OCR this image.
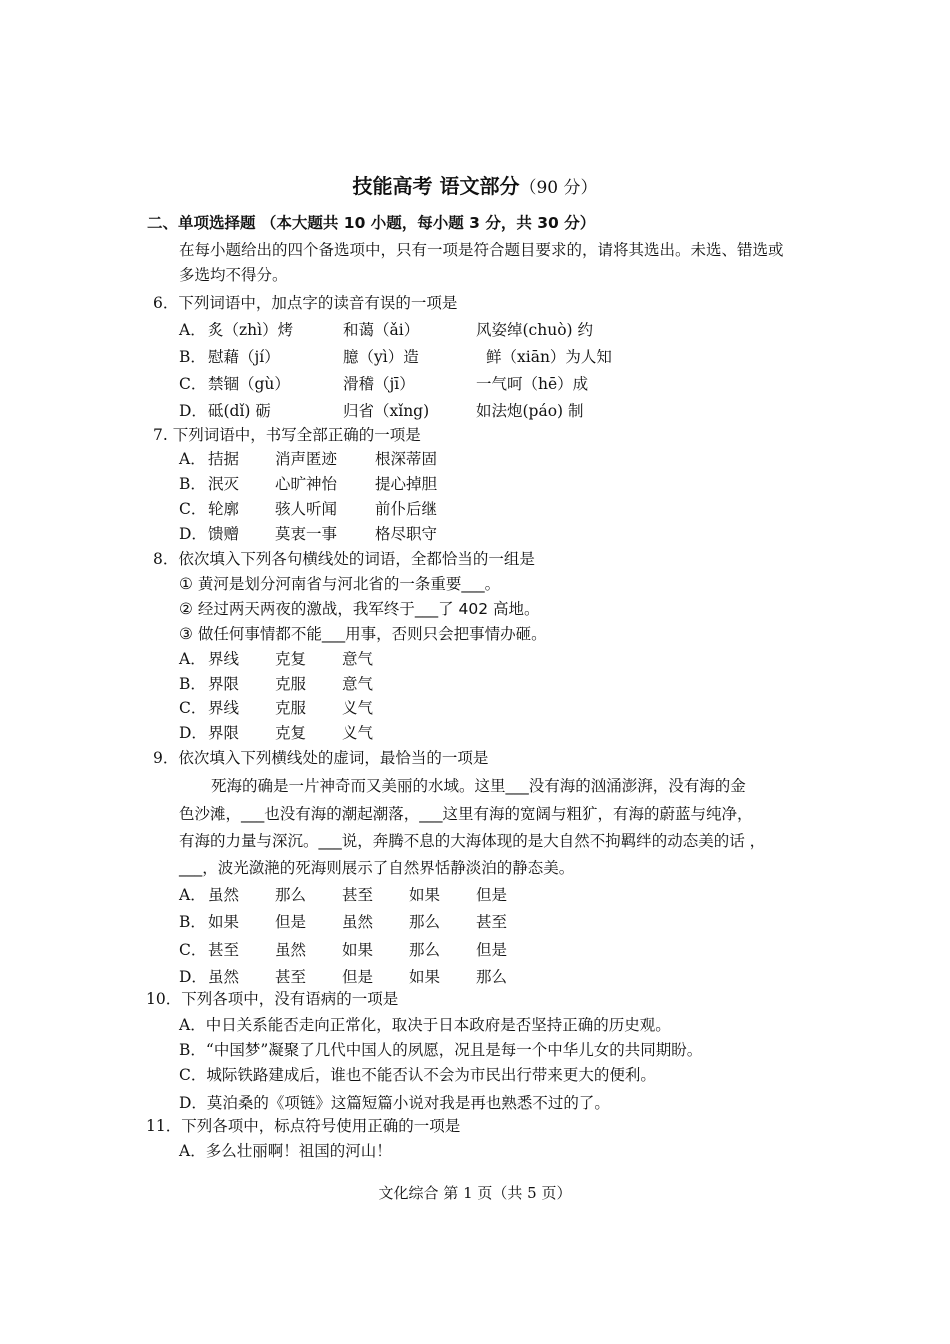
技能高考 语文部分（90 分）
二、单项选择题 （本大题共 10 小题，每小题 3 分，共 30 分）
在每小题给出的四个备选项中，只有一项是符合题目要求的，请将其选出。未选、错选或
多选均不得分。
6．下列词语中，加点字的读音有误的一项是
A． 炙（zhì）烤	和蔼（ǎi）	风姿绰(chuò) 约
B． 慰藉（jí）	臆（yì）造	鲜（xiān）为人知
C． 禁锢（gù）	滑稽（jī）	一气呵（hē）成
D． 砥(dǐ) 砺	归省（xǐng)	如法炮(páo) 制
7. 下列词语中，书写全部正确的一项是
A． 拮据 消声匿迹 根深蒂固
B． 泯灭 心旷神怡 提心掉胆
C． 轮廓 骇人听闻 前仆后继
D． 馈赠 莫衷一事 格尽职守
8．依次填入下列各句横线处的词语，全都恰当的一组是
① 黄河是划分河南省与河北省的一条重要___。
② 经过两天两夜的激战，我军终于___了 402 高地。
③ 做任何事情都不能___用事，否则只会把事情办砸。
A． 界线 克复 意气
B． 界限 克服 意气
C． 界线 克服 义气
D． 界限 克复 义气
9．依次填入下列横线处的虚词，最恰当的一项是
死海的确是一片神奇而又美丽的水域。这里___没有海的汹涌澎湃，没有海的金
色沙滩，___也没有海的潮起潮落，___这里有海的宽阔与粗犷，有海的蔚蓝与纯净，
有海的力量与深沉。___说，奔腾不息的大海体现的是大自然不拘羁绊的动态美的话 ，
___，波光潋滟的死海则展示了自然界恬静淡泊的静态美。
A． 虽然 那么 甚至 如果 但是
B． 如果 但是 虽然 那么 甚至
C． 甚至 虽然 如果 那么 但是
D． 虽然 甚至 但是 如果 那么
10．下列各项中，没有语病的一项是
A．中日关系能否走向正常化，取决于日本政府是否坚持正确的历史观。
B．“中国梦”凝聚了几代中国人的夙愿，况且是每一个中华儿女的共同期盼。
C．城际铁路建成后，谁也不能否认不会为市民出行带来更大的便利。
D．莫泊桑的《项链》这篇短篇小说对我是再也熟悉不过的了。
11．下列各项中，标点符号使用正确的一项是
A．多么壮丽啊！祖国的河山！
文化综合 第 1 页（共 5 页）
